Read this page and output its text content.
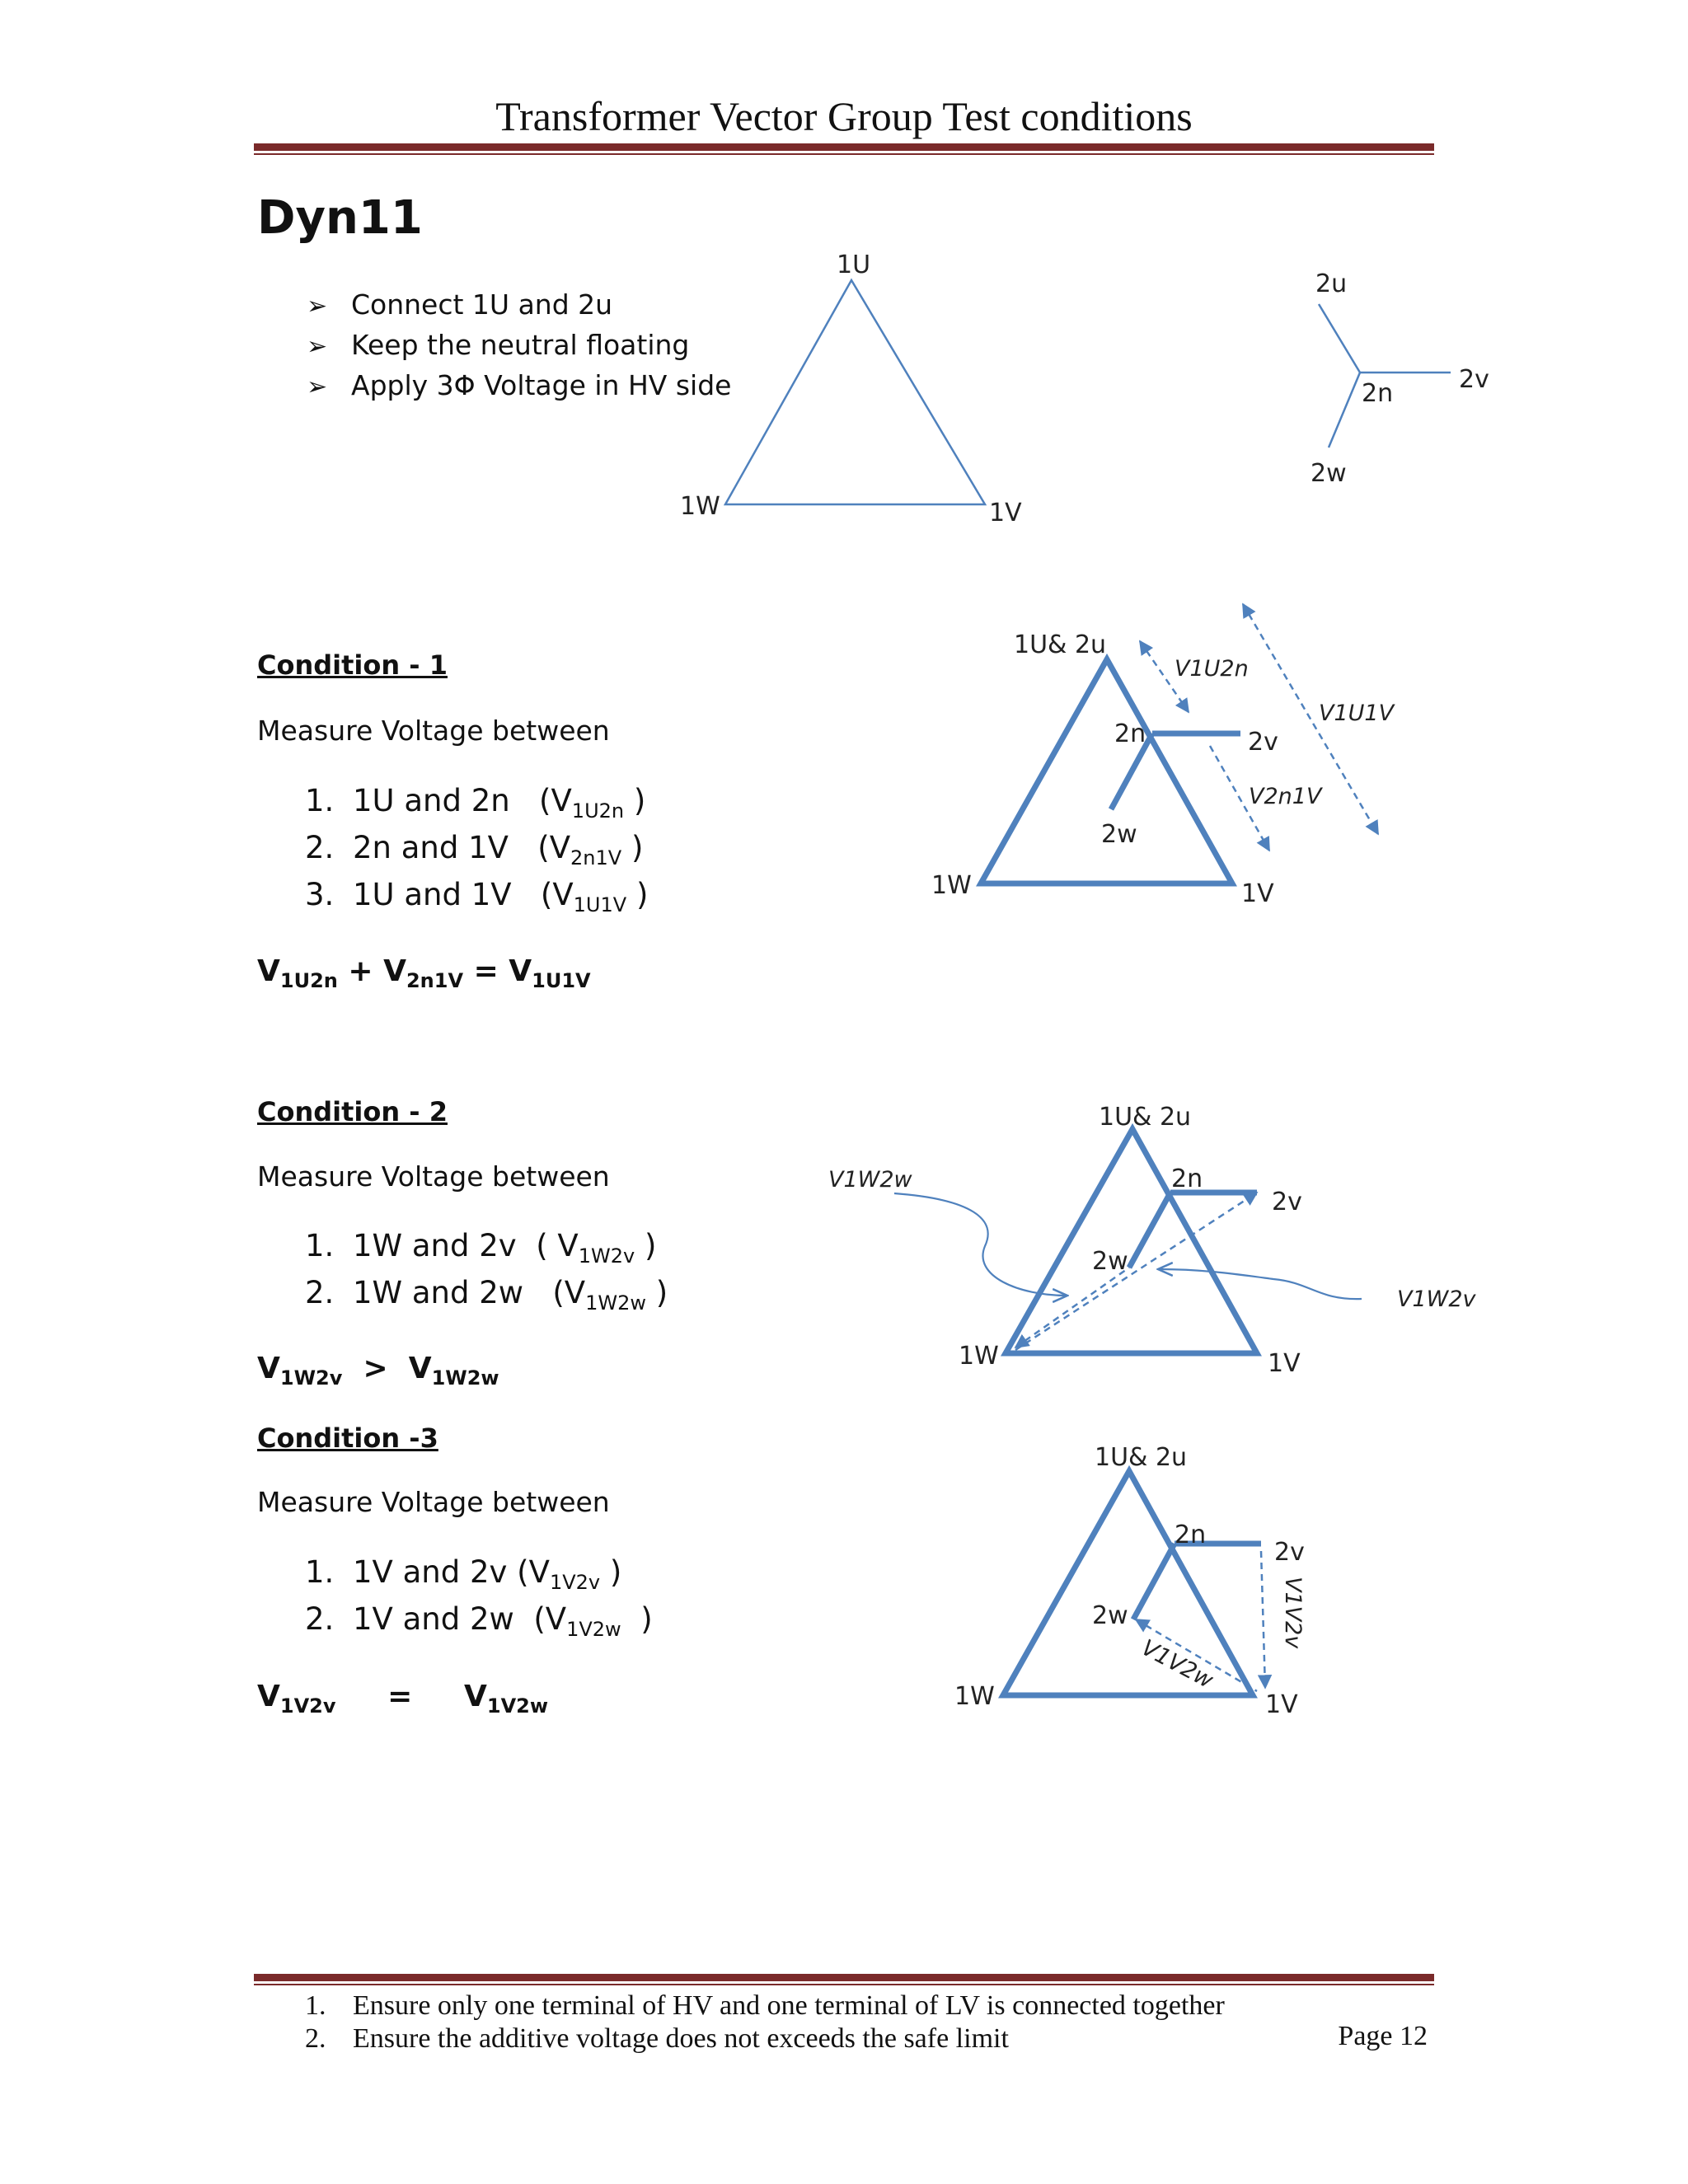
Transformer Vector Group Test conditions
Dyn11
➢ Connect 1U and 2u
➢ Keep the neutral floating
➢ Apply 3Φ Voltage in HV side
Condition - 1
Measure Voltage between
1. 1U and 2n ($V_{1U2n}$ )
2. 2n and 1V ($V_{2n1V}$ )
3. 1U and 1V ($V_{1U1V}$ )
$V_{1U2n} + V_{2n1V} = V_{1U1V}$
Condition - 2
Measure Voltage between
1. 1W and 2v  ( $V_{1W2v}$ )
2. 1W and 2w   ($V_{1W2w}$ )
$V_{1W2v} > V_{1W2w}$
Condition -3
Measure Voltage between
1. 1V and 2v ($V_{1V2v}$ )
2. 1V and 2w  ($V_{1V2w}$  )
$V_{1V2v}$     =     $V_{1V2w}$
1U
1W	1V
2u
2n	2v
2w
1U& 2u
2n	2v
2w
1W	1V
V1U2n
V2n1V
V1U1V
1U& 2u
2n
2v
2w
1W	1V
V1W2w
V1W2v
1U& 2u
2n
2v
2w
1W	1V
V1V2v
V1V2w
1. Ensure only one terminal of HV and one terminal of LV is connected together
2. Ensure the additive voltage does not exceeds the safe limit	Page 12
